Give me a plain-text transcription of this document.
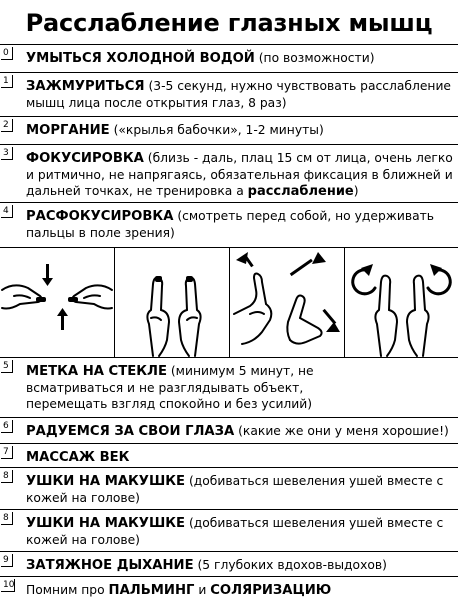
Расслабление глазных мышц
0	УМЫТЬСЯ ХОЛОДНОЙ ВОДОЙ (по возможности)
1	ЗАЖМУРИТЬСЯ (3-5 секунд, нужно чувствовать расслабление мышц лица после открытия глаз, 8 раз)
2	МОРГАНИЕ («крылья бабочки», 1-2 минуты)
3	ФОКУСИРОВКА (близь - даль, плац 15 см от лица, очень легко и ритмично, не напрягаясь, обязательная фиксация в ближней и дальней точках, не тренировка а расслабление)
4	РАСФОКУСИРОВКА (смотреть перед собой, но удерживать пальцы в поле зрения)
5	МЕТКА НА СТЕКЛЕ (минимум 5 минут, не всматриваться и не разглядывать объект, перемещать взгляд спокойно и без усилий)
6	РАДУЕМСЯ ЗА СВОИ ГЛАЗА (какие же они у меня хорошие!)
7	МАССАЖ ВЕК
8	УШКИ НА МАКУШКЕ (добиваться шевеления ушей вместе с кожей на голове)
8	УШКИ НА МАКУШКЕ (добиваться шевеления ушей вместе с кожей на голове)
9	ЗАТЯЖНОЕ ДЫХАНИЕ (5 глубоких вдохов-выдохов)
10 Помним про ПАЛЬМИНГ и СОЛЯРИЗАЦИЮ
